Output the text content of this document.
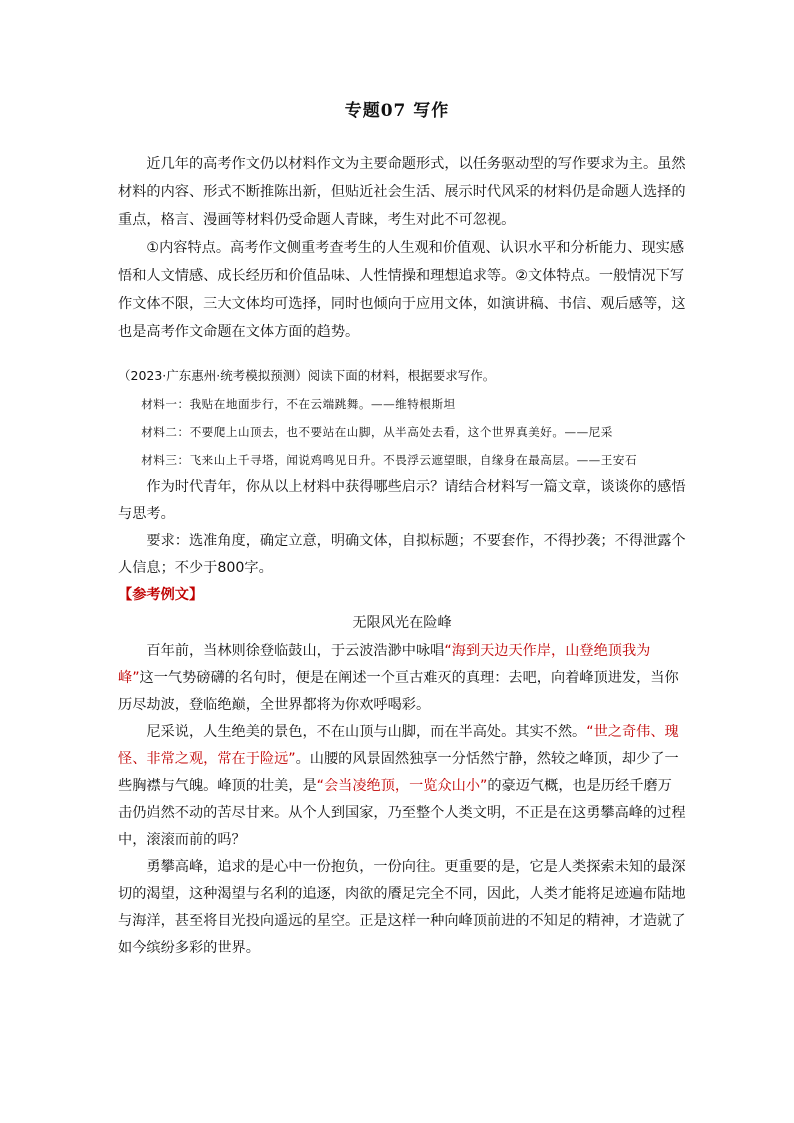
专题07 写作

近几年的高考作文仍以材料作文为主要命题形式，以任务驱动型的写作要求为主。虽然材料的内容、形式不断推陈出新，但贴近社会生活、展示时代风采的材料仍是命题人选择的重点，格言、漫画等材料仍受命题人青睐，考生对此不可忽视。

①内容特点。高考作文侧重考查考生的人生观和价值观、认识水平和分析能力、现实感悟和人文情感、成长经历和价值品味、人性情操和理想追求等。②文体特点。一般情况下写作文体不限，三大文体均可选择，同时也倾向于应用文体，如演讲稿、书信、观后感等，这也是高考作文命题在文体方面的趋势。

（2023·广东惠州·统考模拟预测）阅读下面的材料，根据要求写作。

材料一：我贴在地面步行，不在云端跳舞。——维特根斯坦

材料二：不要爬上山顶去，也不要站在山脚，从半高处去看，这个世界真美好。——尼采

材料三：飞来山上千寻塔，闻说鸡鸣见日升。不畏浮云遮望眼，自缘身在最高层。——王安石

作为时代青年，你从以上材料中获得哪些启示？请结合材料写一篇文章，谈谈你的感悟与思考。

要求：选准角度，确定立意，明确文体，自拟标题；不要套作，不得抄袭；不得泄露个人信息；不少于800字。

【参考例文】

无限风光在险峰

百年前，当林则徐登临鼓山，于云波浩渺中咏唱“海到天边天作岸，山登绝顶我为峰”这一气势磅礴的名句时，便是在阐述一个亘古难灭的真理：去吧，向着峰顶进发，当你历尽劫波，登临绝巅，全世界都将为你欢呼喝彩。

尼采说，人生绝美的景色，不在山顶与山脚，而在半高处。其实不然。“世之奇伟、瑰怪、非常之观，常在于险远”。山腰的风景固然独享一分恬然宁静，然较之峰顶，却少了一些胸襟与气魄。峰顶的壮美，是“会当凌绝顶，一览众山小”的豪迈气概，也是历经千磨万击仍岿然不动的苦尽甘来。从个人到国家，乃至整个人类文明，不正是在这勇攀高峰的过程中，滚滚而前的吗？

勇攀高峰，追求的是心中一份抱负，一份向往。更重要的是，它是人类探索未知的最深切的渴望，这种渴望与名利的追逐，肉欲的餍足完全不同，因此，人类才能将足迹遍布陆地与海洋，甚至将目光投向遥远的星空。正是这样一种向峰顶前进的不知足的精神，才造就了如今缤纷多彩的世界。
